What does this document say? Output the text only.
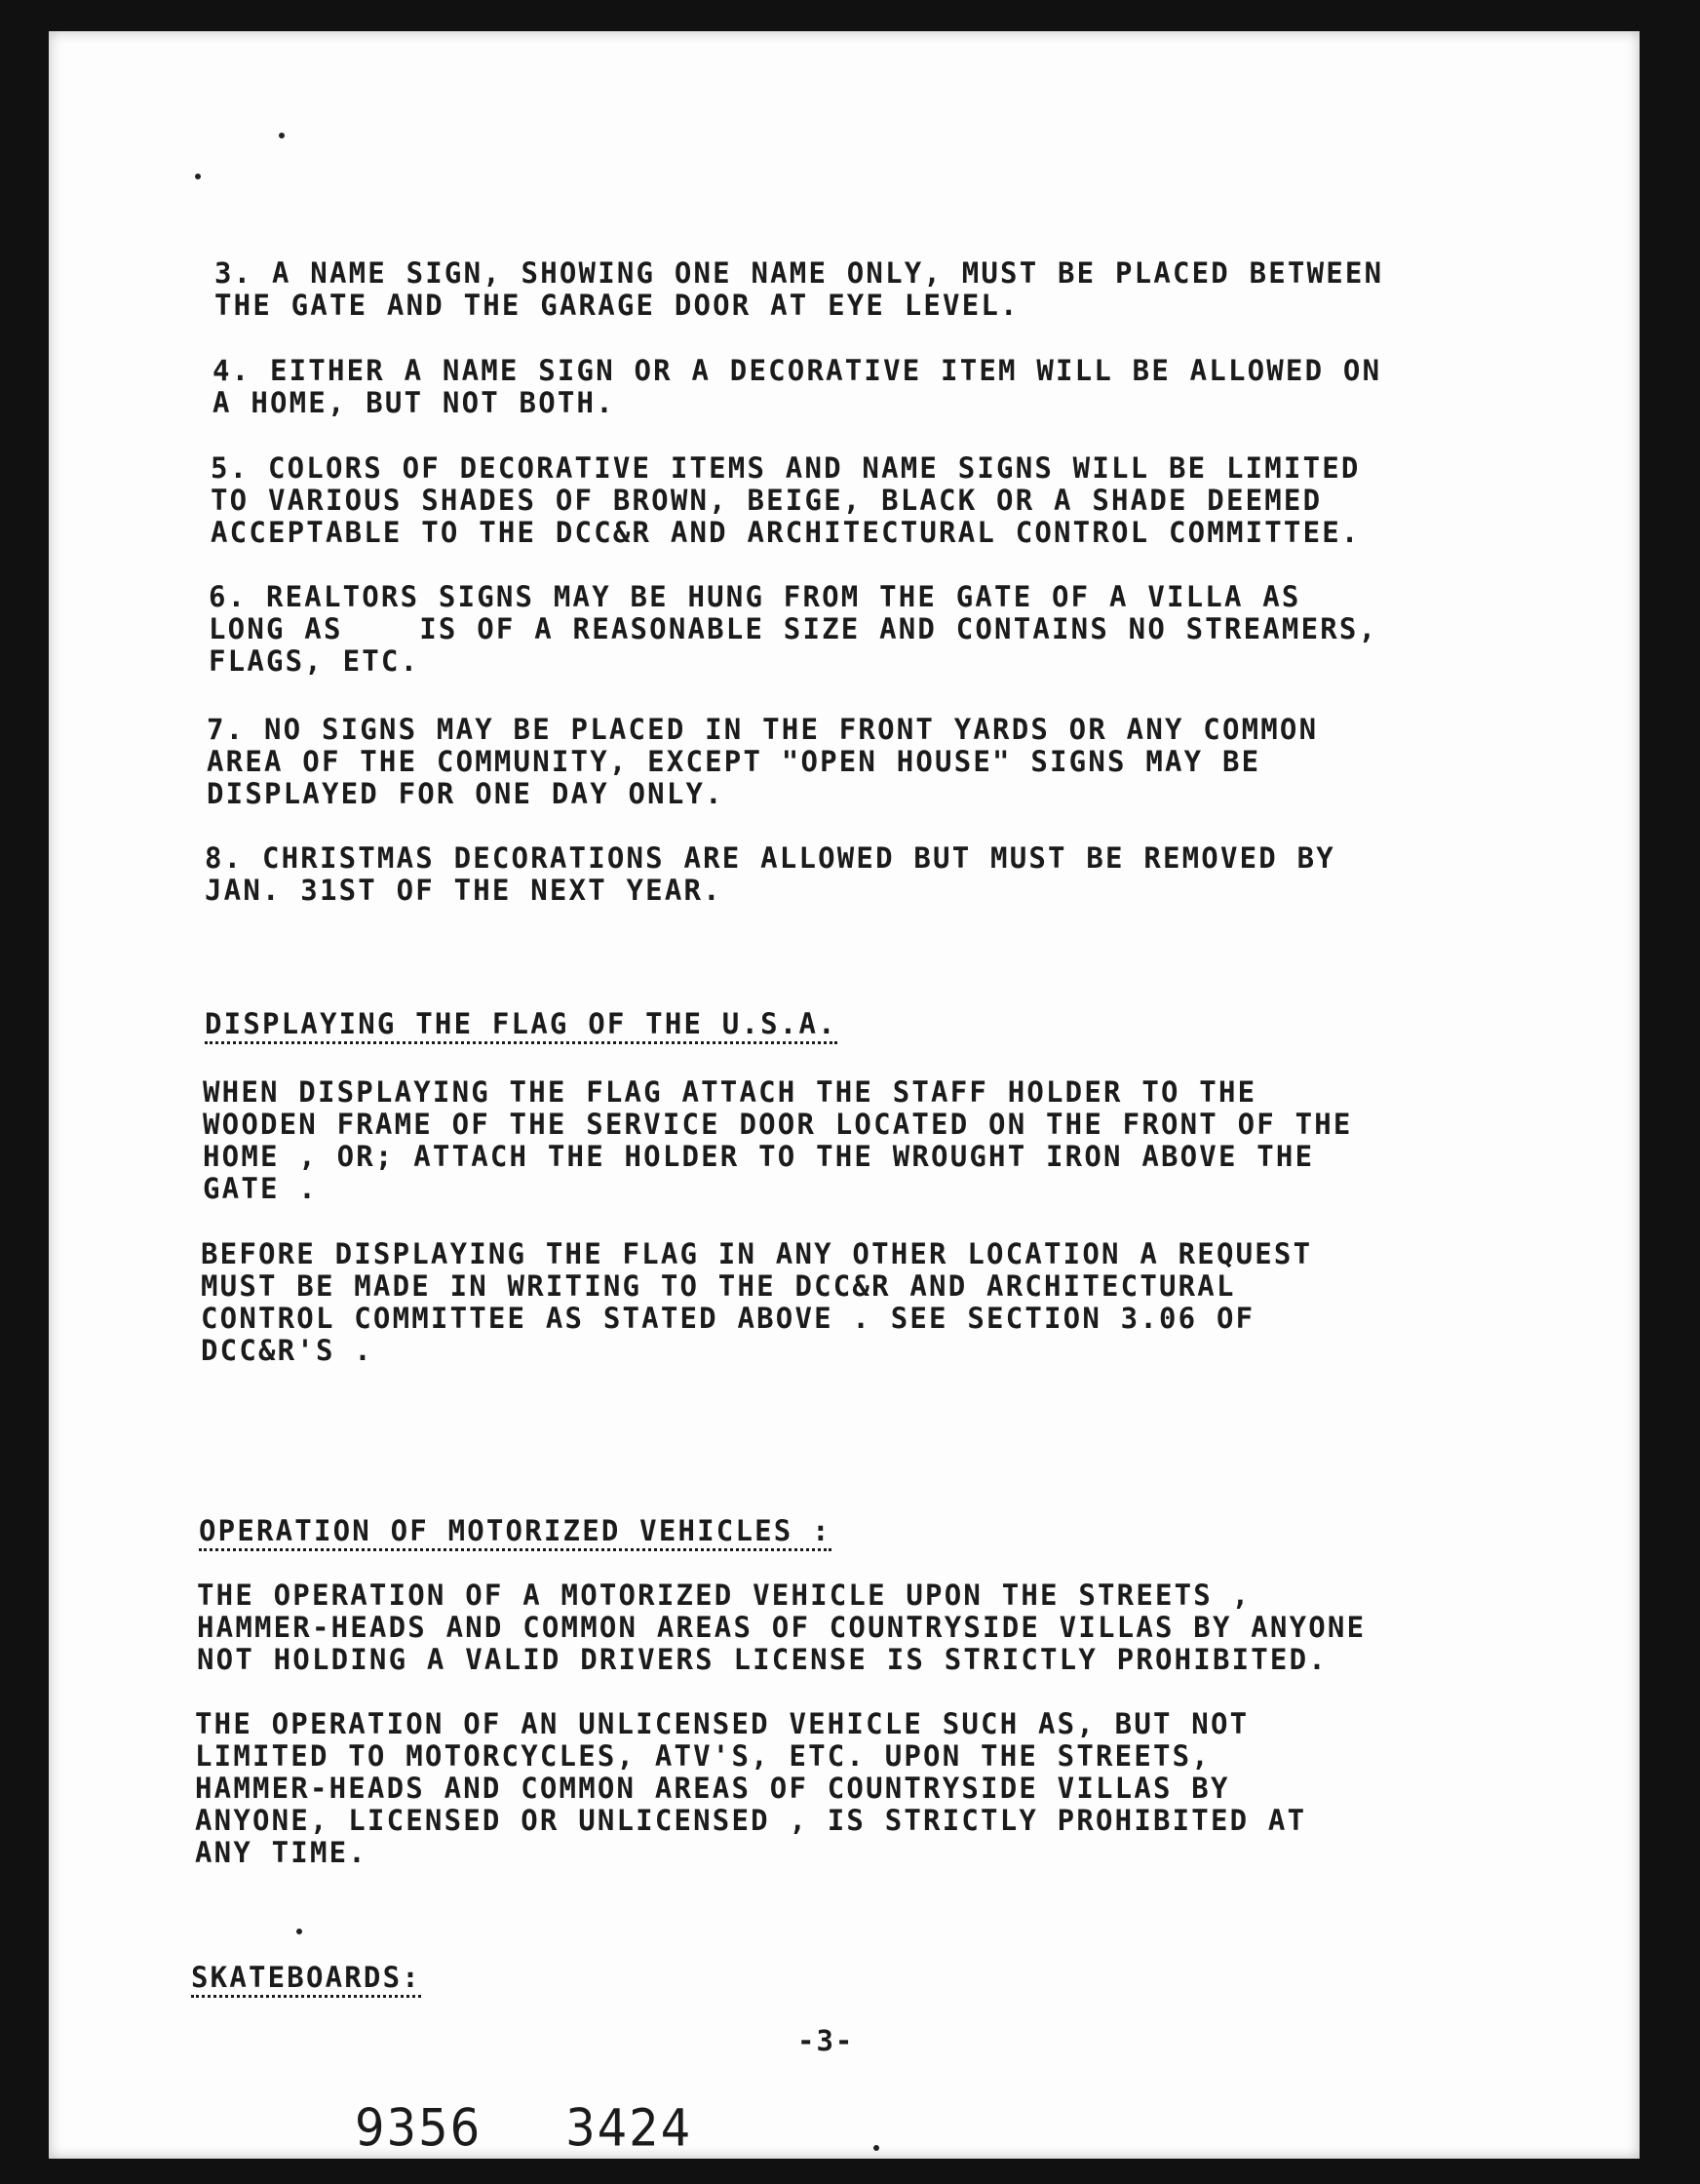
3. A NAME SIGN, SHOWING ONE NAME ONLY, MUST BE PLACED BETWEEN
THE GATE AND THE GARAGE DOOR AT EYE LEVEL.
4. EITHER A NAME SIGN OR A DECORATIVE ITEM WILL BE ALLOWED ON
A HOME, BUT NOT BOTH.
5. COLORS OF DECORATIVE ITEMS AND NAME SIGNS WILL BE LIMITED
TO VARIOUS SHADES OF BROWN, BEIGE, BLACK OR A SHADE DEEMED
ACCEPTABLE TO THE DCC&R AND ARCHITECTURAL CONTROL COMMITTEE.
6. REALTORS SIGNS MAY BE HUNG FROM THE GATE OF A VILLA AS
LONG AS    IS OF A REASONABLE SIZE AND CONTAINS NO STREAMERS,
FLAGS, ETC.
7. NO SIGNS MAY BE PLACED IN THE FRONT YARDS OR ANY COMMON
AREA OF THE COMMUNITY, EXCEPT "OPEN HOUSE" SIGNS MAY BE
DISPLAYED FOR ONE DAY ONLY.
8. CHRISTMAS DECORATIONS ARE ALLOWED BUT MUST BE REMOVED BY
JAN. 31ST OF THE NEXT YEAR.
DISPLAYING THE FLAG OF THE U.S.A.
WHEN DISPLAYING THE FLAG ATTACH THE STAFF HOLDER TO THE
WOODEN FRAME OF THE SERVICE DOOR LOCATED ON THE FRONT OF THE
HOME , OR; ATTACH THE HOLDER TO THE WROUGHT IRON ABOVE THE
GATE .
BEFORE DISPLAYING THE FLAG IN ANY OTHER LOCATION A REQUEST
MUST BE MADE IN WRITING TO THE DCC&R AND ARCHITECTURAL
CONTROL COMMITTEE AS STATED ABOVE . SEE SECTION 3.06 OF
DCC&R'S .
OPERATION OF MOTORIZED VEHICLES :
THE OPERATION OF A MOTORIZED VEHICLE UPON THE STREETS ,
HAMMER-HEADS AND COMMON AREAS OF COUNTRYSIDE VILLAS BY ANYONE
NOT HOLDING A VALID DRIVERS LICENSE IS STRICTLY PROHIBITED.
THE OPERATION OF AN UNLICENSED VEHICLE SUCH AS, BUT NOT
LIMITED TO MOTORCYCLES, ATV'S, ETC. UPON THE STREETS,
HAMMER-HEADS AND COMMON AREAS OF COUNTRYSIDE VILLAS BY
ANYONE, LICENSED OR UNLICENSED , IS STRICTLY PROHIBITED AT
ANY TIME.
SKATEBOARDS:
-3-
9356 3424
